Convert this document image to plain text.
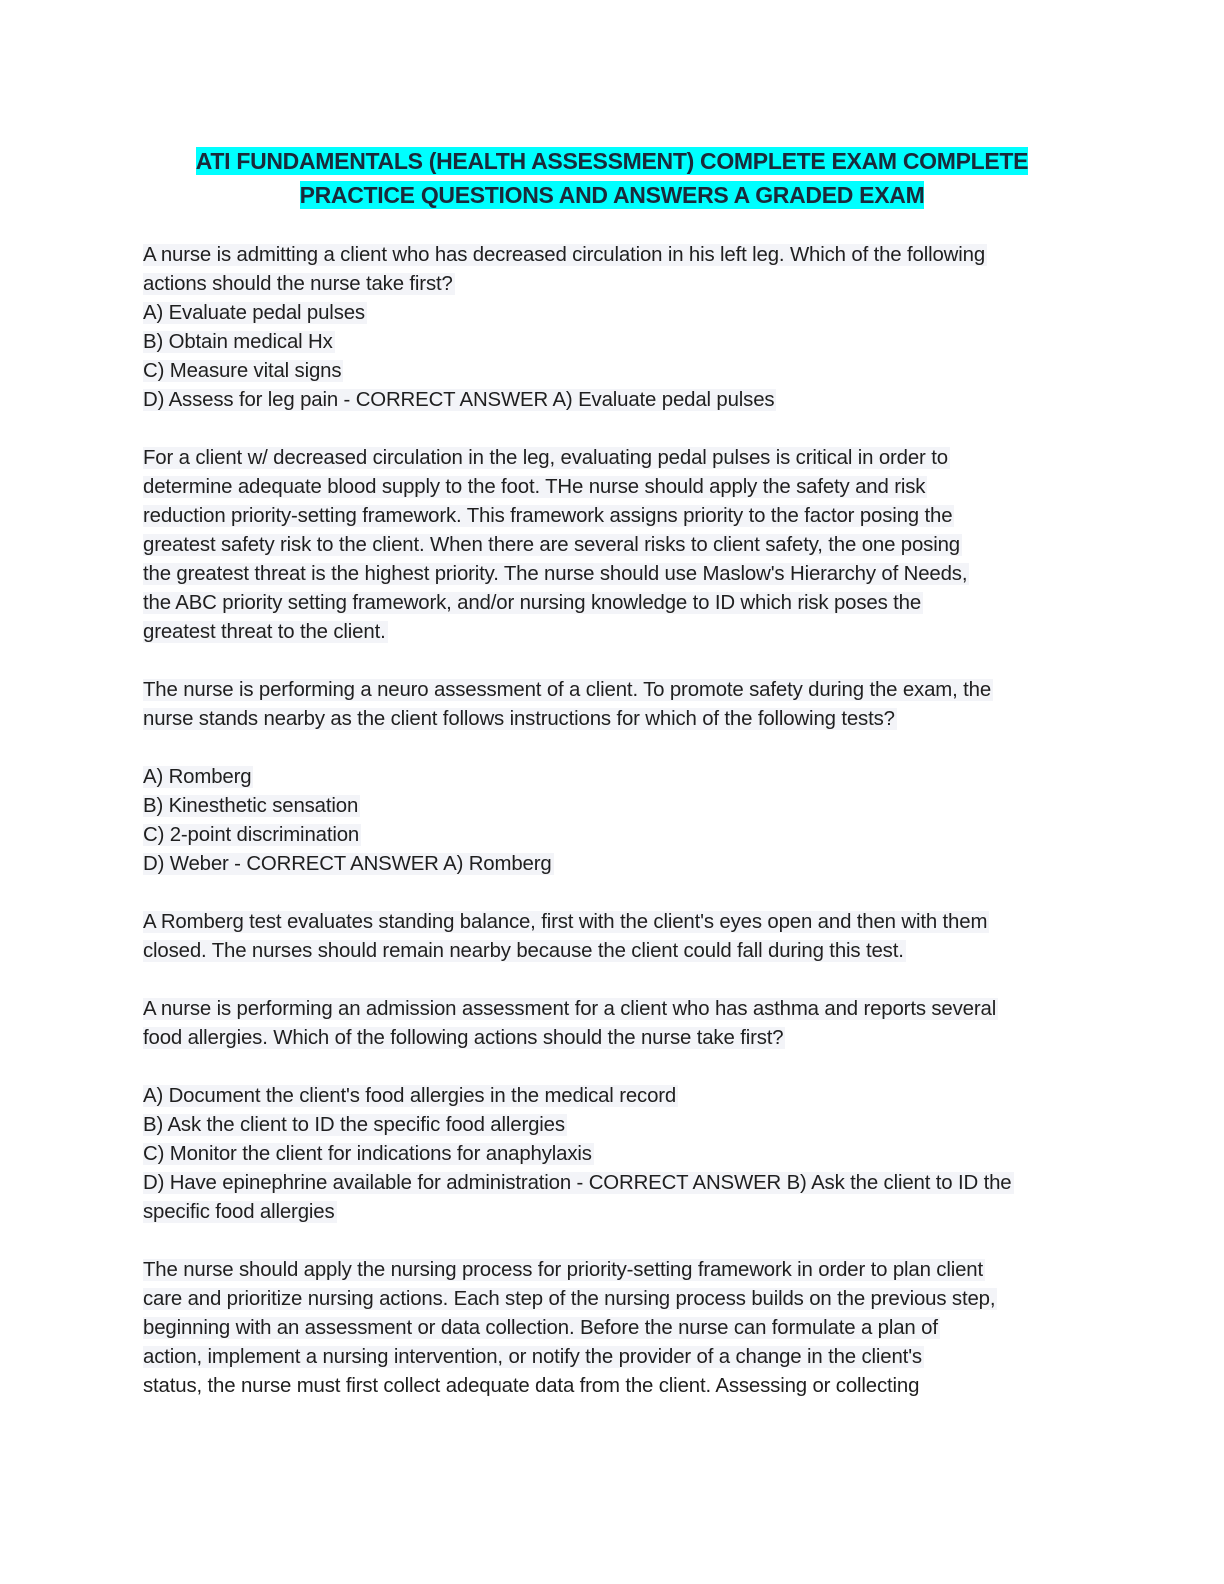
ATI FUNDAMENTALS (HEALTH ASSESSMENT) COMPLETE EXAM COMPLETE
PRACTICE QUESTIONS AND ANSWERS A GRADED EXAM
A nurse is admitting a client who has decreased circulation in his left leg. Which of the following
actions should the nurse take first?
A) Evaluate pedal pulses
B) Obtain medical Hx
C) Measure vital signs
D) Assess for leg pain - CORRECT ANSWER A) Evaluate pedal pulses
For a client w/ decreased circulation in the leg, evaluating pedal pulses is critical in order to
determine adequate blood supply to the foot. THe nurse should apply the safety and risk
reduction priority-setting framework. This framework assigns priority to the factor posing the
greatest safety risk to the client. When there are several risks to client safety, the one posing
the greatest threat is the highest priority. The nurse should use Maslow's Hierarchy of Needs,
the ABC priority setting framework, and/or nursing knowledge to ID which risk poses the
greatest threat to the client.
The nurse is performing a neuro assessment of a client. To promote safety during the exam, the
nurse stands nearby as the client follows instructions for which of the following tests?
A) Romberg
B) Kinesthetic sensation
C) 2-point discrimination
D) Weber - CORRECT ANSWER A) Romberg
A Romberg test evaluates standing balance, first with the client's eyes open and then with them
closed. The nurses should remain nearby because the client could fall during this test.
A nurse is performing an admission assessment for a client who has asthma and reports several
food allergies. Which of the following actions should the nurse take first?
A) Document the client's food allergies in the medical record
B) Ask the client to ID the specific food allergies
C) Monitor the client for indications for anaphylaxis
D) Have epinephrine available for administration - CORRECT ANSWER B) Ask the client to ID the
specific food allergies
The nurse should apply the nursing process for priority-setting framework in order to plan client
care and prioritize nursing actions. Each step of the nursing process builds on the previous step,
beginning with an assessment or data collection. Before the nurse can formulate a plan of
action, implement a nursing intervention, or notify the provider of a change in the client's
status, the nurse must first collect adequate data from the client. Assessing or collecting
